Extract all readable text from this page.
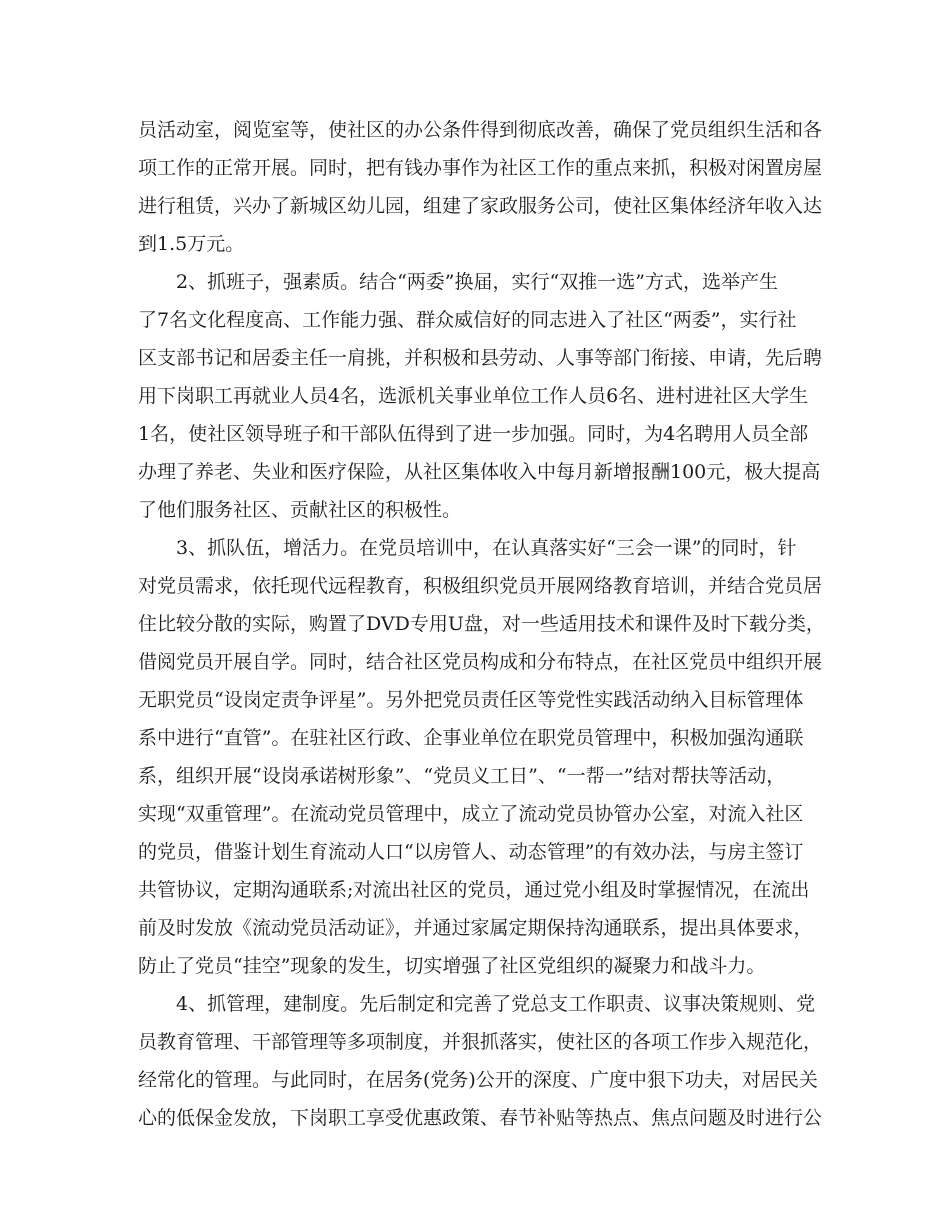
员活动室，阅览室等，使社区的办公条件得到彻底改善，确保了党员组织生活和各

项工作的正常开展。同时，把有钱办事作为社区工作的重点来抓，积极对闲置房屋

进行租赁，兴办了新城区幼儿园，组建了家政服务公司，使社区集体经济年收入达

到1.5万元。

2、抓班子，强素质。结合“两委”换届，实行“双推一选”方式，选举产生

了7名文化程度高、工作能力强、群众威信好的同志进入了社区“两委”，实行社

区支部书记和居委主任一肩挑，并积极和县劳动、人事等部门衔接、申请，先后聘

用下岗职工再就业人员4名，选派机关事业单位工作人员6名、进村进社区大学生

1名，使社区领导班子和干部队伍得到了进一步加强。同时，为4名聘用人员全部

办理了养老、失业和医疗保险，从社区集体收入中每月新增报酬100元，极大提高

了他们服务社区、贡献社区的积极性。

3、抓队伍，增活力。在党员培训中，在认真落实好“三会一课”的同时，针

对党员需求，依托现代远程教育，积极组织党员开展网络教育培训，并结合党员居

住比较分散的实际，购置了DVD专用U盘，对一些适用技术和课件及时下载分类，

借阅党员开展自学。同时，结合社区党员构成和分布特点，在社区党员中组织开展

无职党员“设岗定责争评星”。另外把党员责任区等党性实践活动纳入目标管理体

系中进行“直管”。在驻社区行政、企事业单位在职党员管理中，积极加强沟通联

系，组织开展“设岗承诺树形象”、“党员义工日”、“一帮一”结对帮扶等活动，

实现“双重管理”。在流动党员管理中，成立了流动党员协管办公室，对流入社区

的党员，借鉴计划生育流动人口“以房管人、动态管理”的有效办法，与房主签订

共管协议，定期沟通联系;对流出社区的党员，通过党小组及时掌握情况，在流出

前及时发放《流动党员活动证》，并通过家属定期保持沟通联系，提出具体要求，

防止了党员“挂空”现象的发生，切实增强了社区党组织的凝聚力和战斗力。

4、抓管理，建制度。先后制定和完善了党总支工作职责、议事决策规则、党

员教育管理、干部管理等多项制度，并狠抓落实，使社区的各项工作步入规范化，

经常化的管理。与此同时，在居务(党务)公开的深度、广度中狠下功夫，对居民关

心的低保金发放，下岗职工享受优惠政策、春节补贴等热点、焦点问题及时进行公
